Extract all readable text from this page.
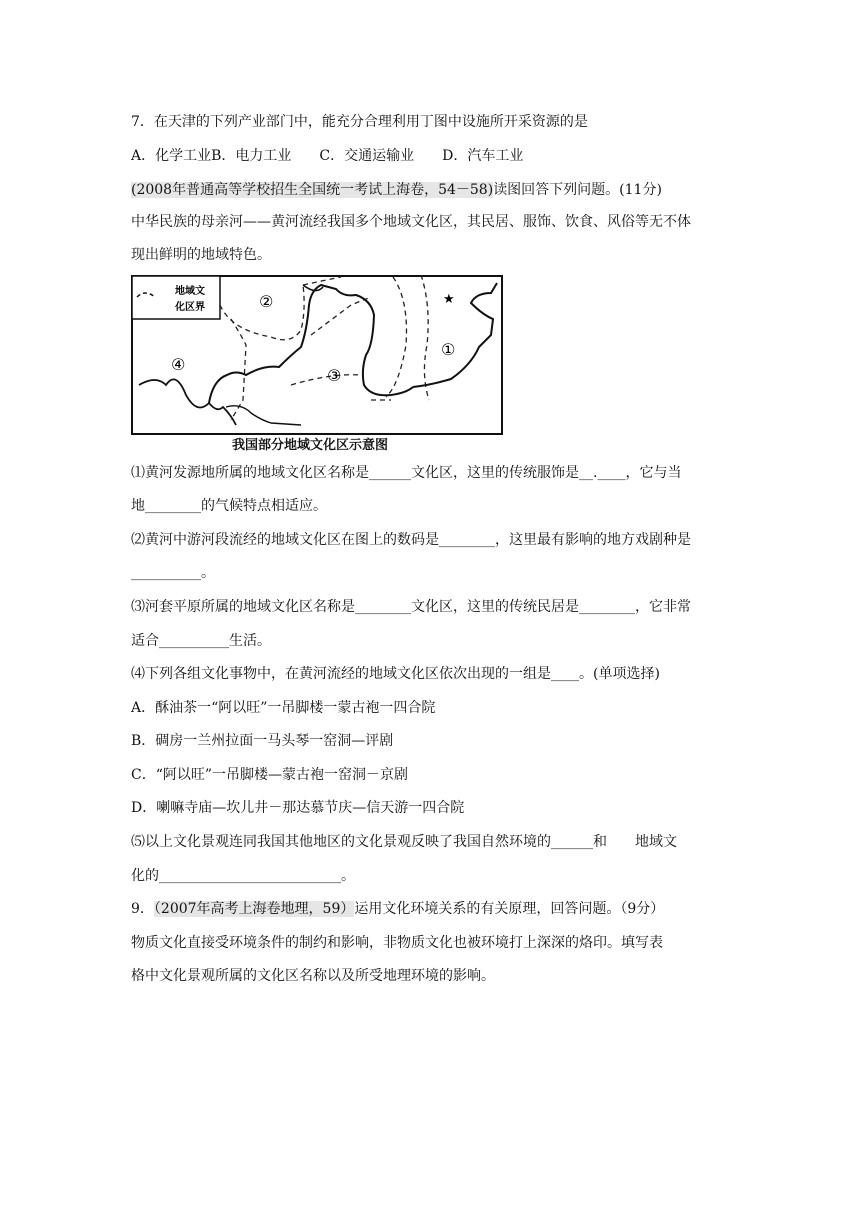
7．在天津的下列产业部门中，能充分合理利用丁图中设施所开采资源的是
A．化学工业B．电力工业　　C．交通运输业　　D．汽车工业
(2008年普通高等学校招生全国统一考试上海卷，54－58)读图回答下列问题。(11分)
中华民族的母亲河——黄河流经我国多个地域文化区，其民居、服饰、饮食、风俗等无不体
现出鲜明的地域特色。
地域文
化区界	②
④
③
①
★
我国部分地域文化区示意图
⑴黄河发源地所属的地域文化区名称是______文化区，这里的传统服饰是__.____，它与当
地________的气候特点相适应。
⑵黄河中游河段流经的地域文化区在图上的数码是________，这里最有影响的地方戏剧种是
__________。
⑶河套平原所属的地域文化区名称是________文化区，这里的传统民居是________，它非常
适合__________生活。
⑷下列各组文化事物中，在黄河流经的地域文化区依次出现的一组是____。(单项选择)
A．酥油茶一“阿以旺”一吊脚楼一蒙古袍一四合院
B．碉房一兰州拉面一马头琴一窑洞—评剧
C．“阿以旺”一吊脚楼—蒙古袍一窑洞－京剧
D．喇嘛寺庙—坎儿井－那达慕节庆—信天游一四合院
⑸以上文化景观连同我国其他地区的文化景观反映了我国自然环境的______和　　地域文
化的__________________________。
9．（2007年高考上海卷地理，59）运用文化环境关系的有关原理，回答问题。（9分）
物质文化直接受环境条件的制约和影响，非物质文化也被环境打上深深的烙印。填写表
格中文化景观所属的文化区名称以及所受地理环境的影响。
